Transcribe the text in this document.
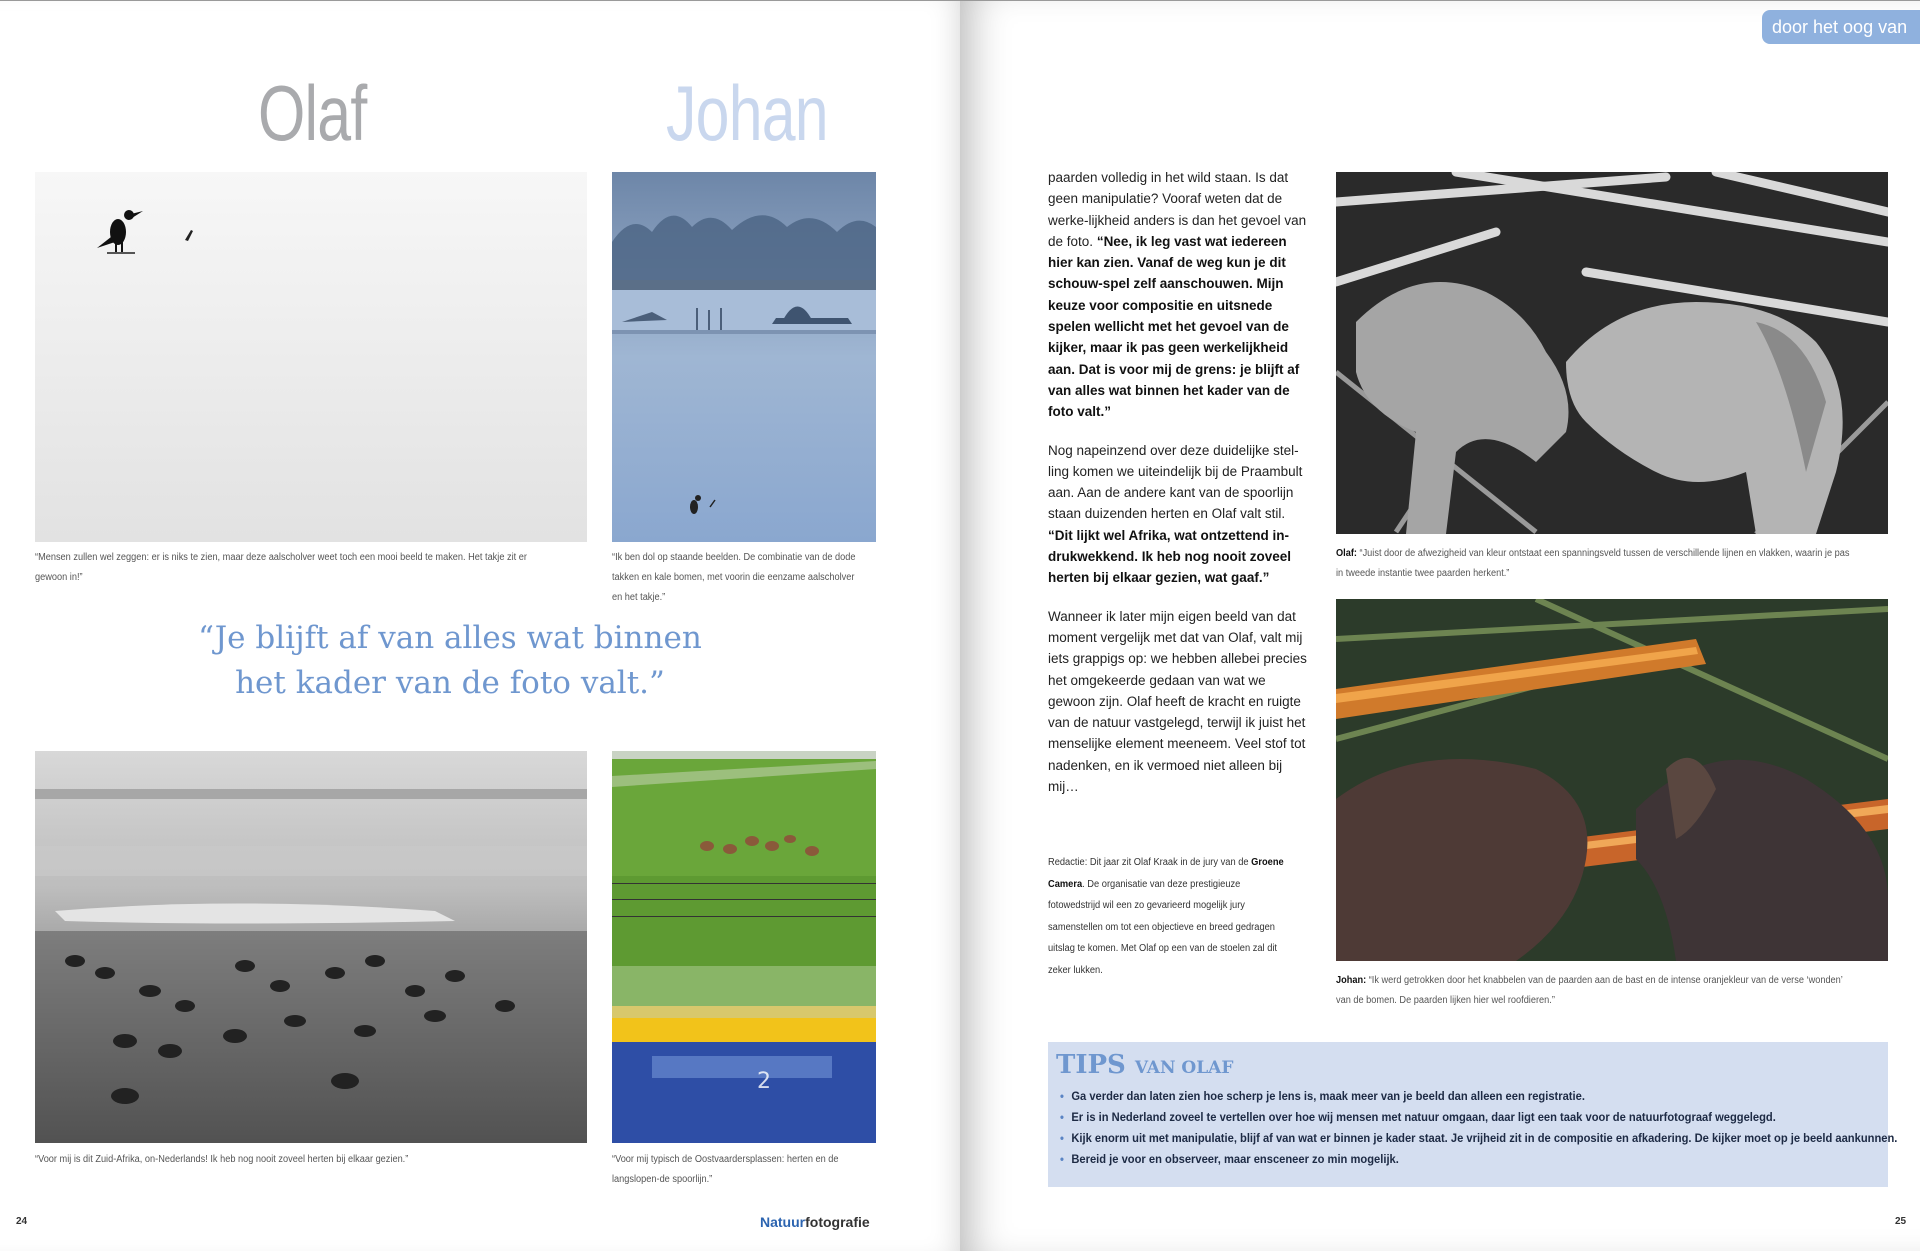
Olaf	Johan
“Mensen zullen wel zeggen: er is niks te zien, maar deze aalscholver weet toch een mooi beeld te maken. Het takje zit er gewoon in!”
“Ik ben dol op staande beelden. De combinatie van de dode takken en kale bomen, met voorin die eenzame aalscholver en het takje.”
“Je blijft af van alles wat binnen
het kader van de foto valt.”
“Voor mij is dit Zuid-Afrika, on-Nederlands! Ik heb nog nooit zoveel herten bij elkaar gezien.”
2
“Voor mij typisch de Oostvaardersplassen: herten en de langslopen-de spoorlijn.”
24	Natuurfotografie
door het oog van

paarden volledig in het wild staan. Is dat geen manipulatie? Vooraf weten dat de werke-lijkheid anders is dan het gevoel van de foto. “Nee, ik leg vast wat iedereen hier kan zien. Vanaf de weg kun je dit schouw-spel zelf aanschouwen. Mijn keuze voor compositie en uitsnede spelen wellicht met het gevoel van de kijker, maar ik pas geen werkelijkheid aan. Dat is voor mij de grens: je blijft af van alles wat binnen het kader van de foto valt.”

Nog napeinzend over deze duidelijke stel-ling komen we uiteindelijk bij de Praambult aan. Aan de andere kant van de spoorlijn staan duizenden herten en Olaf valt stil. “Dit lijkt wel Afrika, wat ontzettend in-drukwekkend. Ik heb nog nooit zoveel herten bij elkaar gezien, wat gaaf.”

Wanneer ik later mijn eigen beeld van dat moment vergelijk met dat van Olaf, valt mij iets grappigs op: we hebben allebei precies het omgekeerde gedaan van wat we gewoon zijn. Olaf heeft de kracht en ruigte van de natuur vastgelegd, terwijl ik juist het menselijke element meeneem. Veel stof tot nadenken, en ik vermoed niet alleen bij mij…

Redactie: Dit jaar zit Olaf Kraak in de jury van de Groene Camera. De organisatie van deze prestigieuze fotowedstrijd wil een zo gevarieerd mogelijk jury samenstellen om tot een objectieve en breed gedragen uitslag te komen. Met Olaf op een van de stoelen zal dit zeker lukken.
Olaf: “Juist door de afwezigheid van kleur ontstaat een spanningsveld tussen de verschillende lijnen en vlakken, waarin je pas in tweede instantie twee paarden herkent.”
Johan: “Ik werd getrokken door het knabbelen van de paarden aan de bast en de intense oranjekleur van de verse ‘wonden’ van de bomen. De paarden lijken hier wel roofdieren.”
TIPS VAN OLAF
• Ga verder dan laten zien hoe scherp je lens is, maak meer van je beeld dan alleen een registratie.
• Er is in Nederland zoveel te vertellen over hoe wij mensen met natuur omgaan, daar ligt een taak voor de natuurfotograaf weggelegd.
• Kijk enorm uit met manipulatie, blijf af van wat er binnen je kader staat. Je vrijheid zit in de compositie en afkadering. De kijker moet op je beeld aankunnen.
• Bereid je voor en observeer, maar ensceneer zo min mogelijk.
25
